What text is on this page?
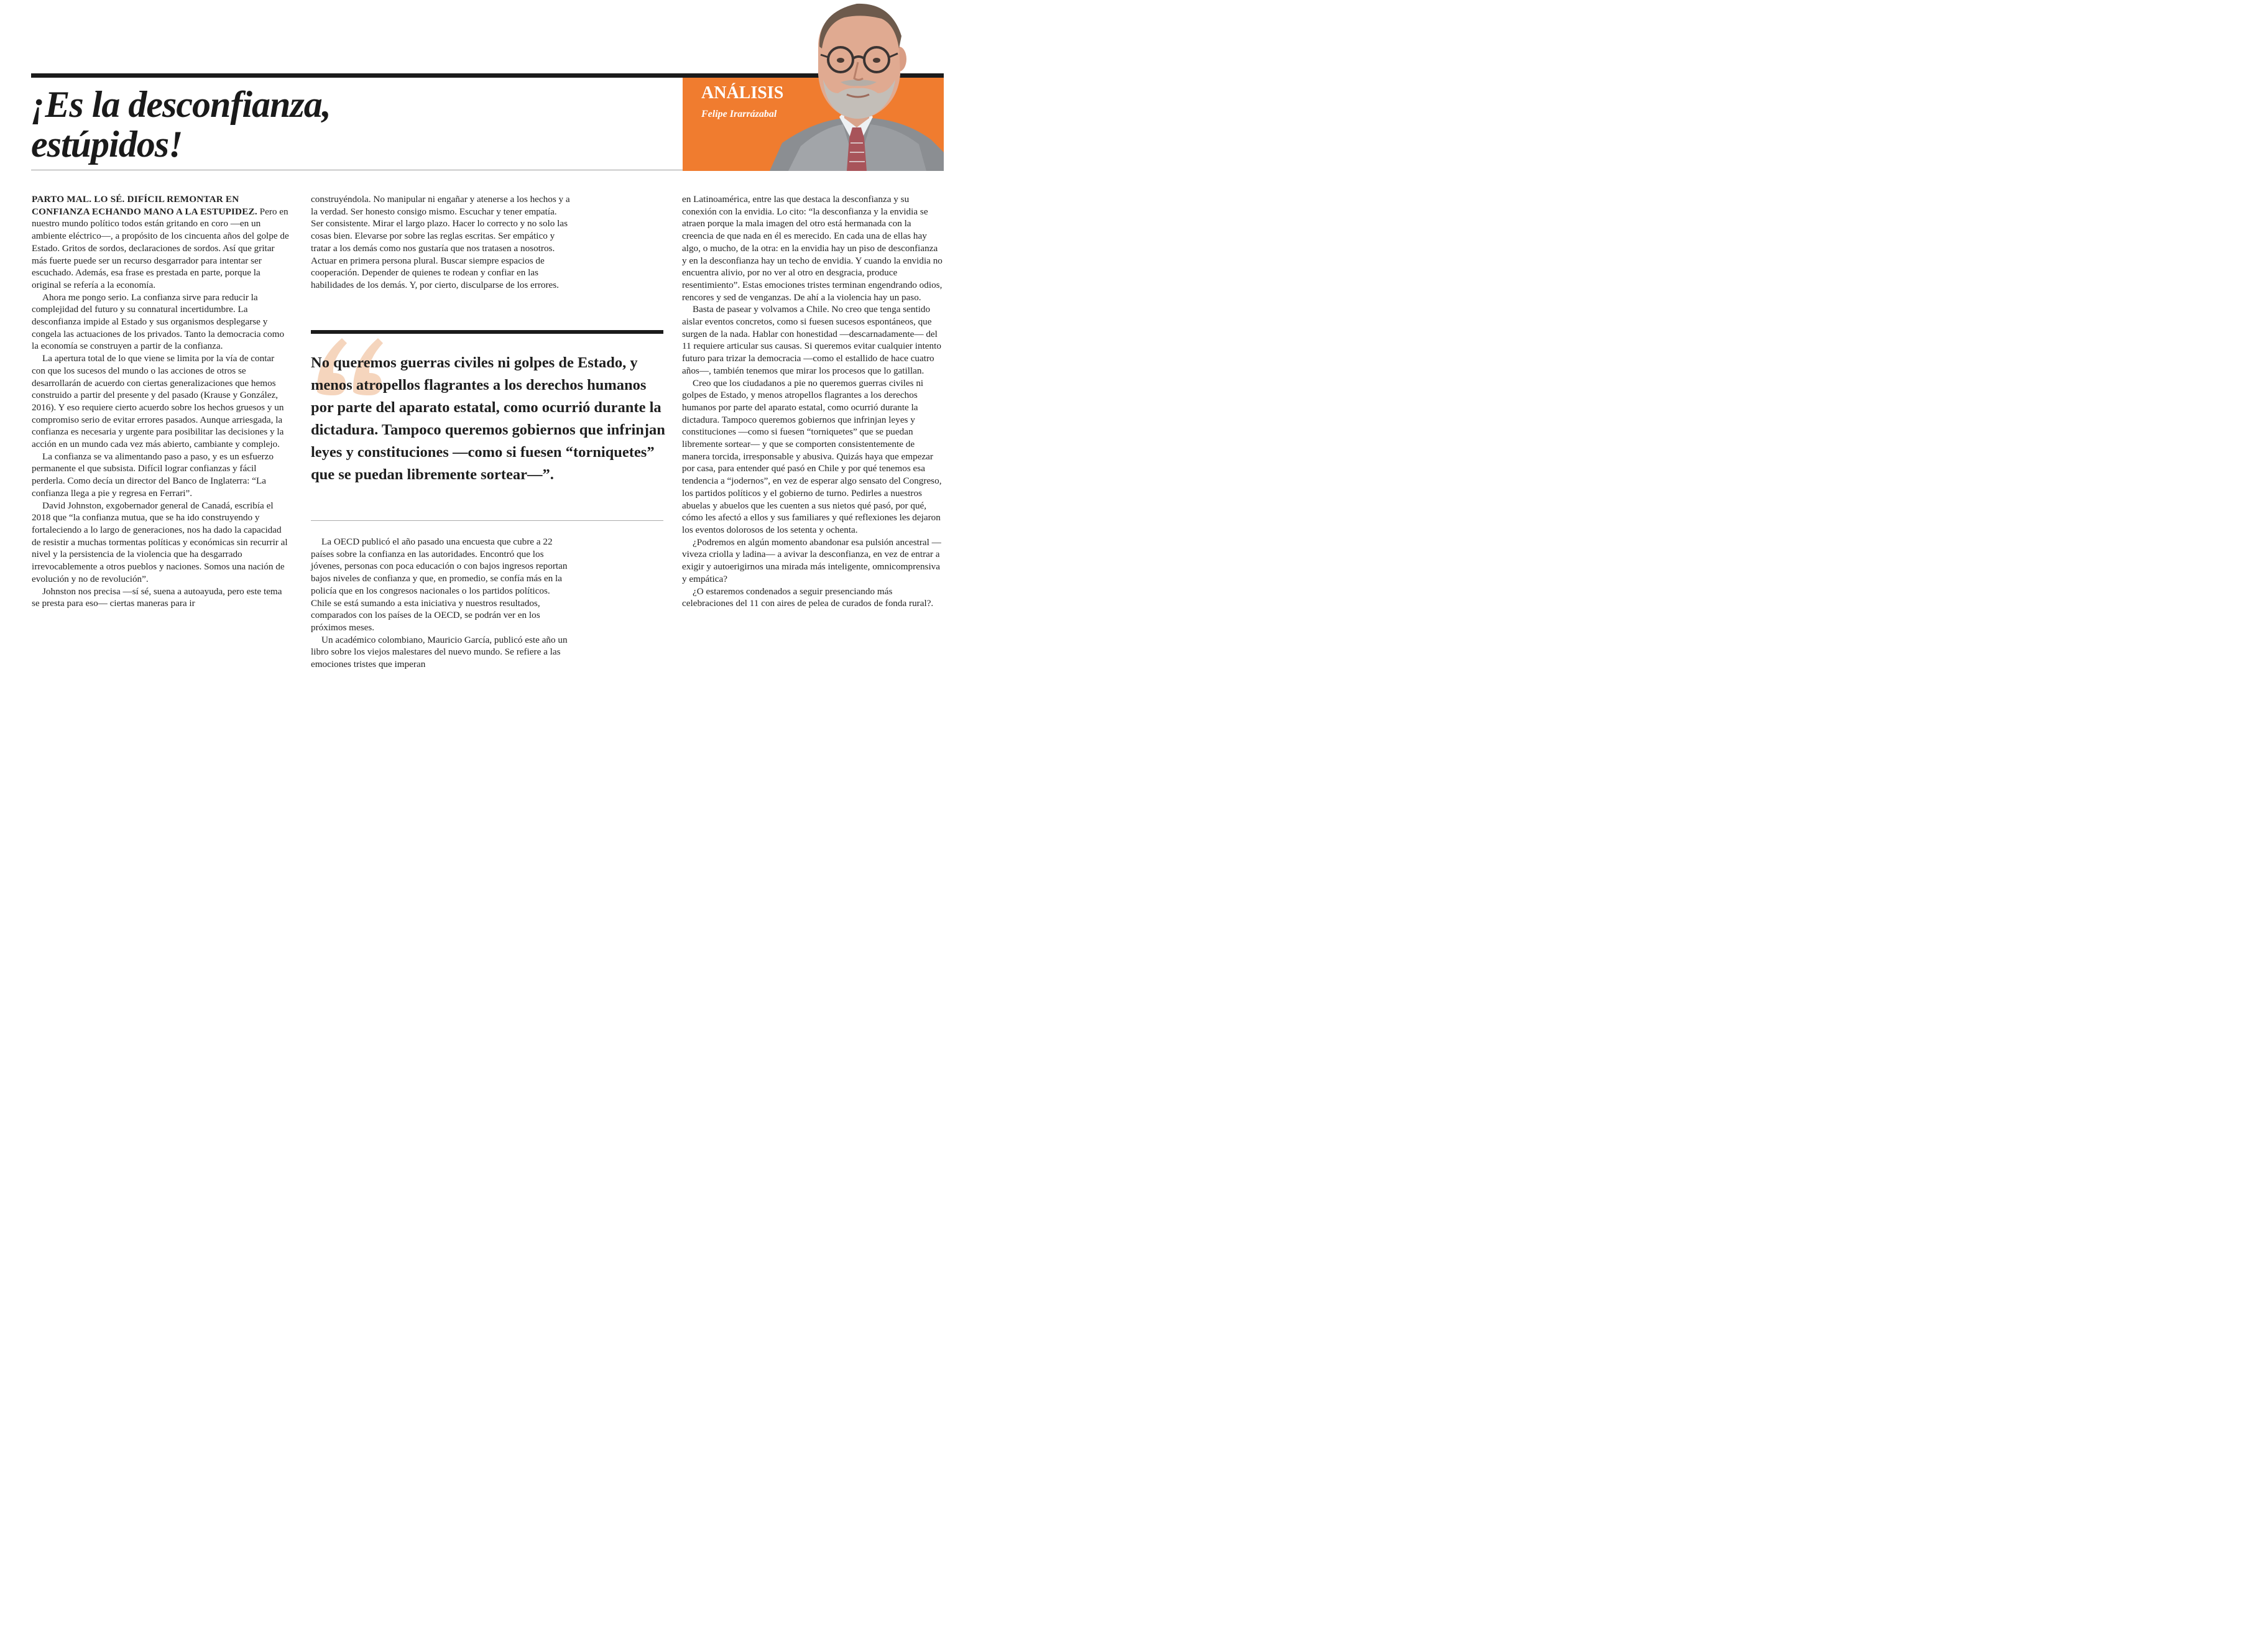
¡Es la desconfianza,
estúpidos!

ANÁLISIS

Felipe Irarrázabal

PARTO MAL. LO SÉ. DIFÍCIL REMONTAR EN CONFIANZA ECHANDO MANO A LA ESTUPIDEZ. Pero en nuestro mundo político todos están gritando en coro —en un ambiente eléctrico—, a propósito de los cincuenta años del golpe de Estado. Gritos de sordos, declaraciones de sordos. Así que gritar más fuerte puede ser un recurso desgarrador para intentar ser escuchado. Además, esa frase es prestada en parte, porque la original se refería a la economía.

Ahora me pongo serio. La confianza sirve para reducir la complejidad del futuro y su connatural incertidumbre. La desconfianza impide al Estado y sus organismos desplegarse y congela las actuaciones de los privados. Tanto la democracia como la economía se construyen a partir de la confianza.

La apertura total de lo que viene se limita por la vía de contar con que los sucesos del mundo o las acciones de otros se desarrollarán de acuerdo con ciertas generalizaciones que hemos construido a partir del presente y del pasado (Krause y González, 2016). Y eso requiere cierto acuerdo sobre los hechos gruesos y un compromiso serio de evitar errores pasados. Aunque arriesgada, la confianza es necesaria y urgente para posibilitar las decisiones y la acción en un mundo cada vez más abierto, cambiante y complejo.

La confianza se va alimentando paso a paso, y es un esfuerzo permanente el que subsista. Difícil lograr confianzas y fácil perderla. Como decía un director del Banco de Inglaterra: “La confianza llega a pie y regresa en Ferrari”.

David Johnston, exgobernador general de Canadá, escribía el 2018 que “la confianza mutua, que se ha ido construyendo y fortaleciendo a lo largo de generaciones, nos ha dado la capacidad de resistir a muchas tormentas políticas y económicas sin recurrir al nivel y la persistencia de la violencia que ha desgarrado irrevocablemente a otros pueblos y naciones. Somos una nación de evolución y no de revolución”.

Johnston nos precisa —sí sé, suena a autoayuda, pero este tema se presta para eso— ciertas maneras para ir

construyéndola. No manipular ni engañar y atenerse a los hechos y a la verdad. Ser honesto consigo mismo. Escuchar y tener empatía. Ser consistente. Mirar el largo plazo. Hacer lo correcto y no solo las cosas bien. Elevarse por sobre las reglas escritas. Ser empático y tratar a los demás como nos gustaría que nos tratasen a nosotros. Actuar en primera persona plural. Buscar siempre espacios de cooperación. Depender de quienes te rodean y confiar en las habilidades de los demás. Y, por cierto, disculparse de los errores.

No queremos guerras civiles ni golpes de Estado, y menos atropellos flagrantes a los derechos humanos por parte del aparato estatal, como ocurrió durante la dictadura. Tampoco queremos gobiernos que infrinjan leyes y constituciones —como si fuesen “torniquetes” que se puedan libremente sortear—”.

La OECD publicó el año pasado una encuesta que cubre a 22 países sobre la confianza en las autoridades. Encontró que los jóvenes, personas con poca educación o con bajos ingresos reportan bajos niveles de confianza y que, en promedio, se confía más en la policía que en los congresos nacionales o los partidos políticos. Chile se está sumando a esta iniciativa y nuestros resultados, comparados con los países de la OECD, se podrán ver en los próximos meses.

Un académico colombiano, Mauricio García, publicó este año un libro sobre los viejos malestares del nuevo mundo. Se refiere a las emociones tristes que imperan

en Latinoamérica, entre las que destaca la desconfianza y su conexión con la envidia. Lo cito: “la desconfianza y la envidia se atraen porque la mala imagen del otro está hermanada con la creencia de que nada en él es merecido. En cada una de ellas hay algo, o mucho, de la otra: en la envidia hay un piso de desconfianza y en la desconfianza hay un techo de envidia. Y cuando la envidia no encuentra alivio, por no ver al otro en desgracia, produce resentimiento”. Estas emociones tristes terminan engendrando odios, rencores y sed de venganzas. De ahí a la violencia hay un paso.

Basta de pasear y volvamos a Chile. No creo que tenga sentido aislar eventos concretos, como si fuesen sucesos espontáneos, que surgen de la nada. Hablar con honestidad —descarnadamente— del 11 requiere articular sus causas. Si queremos evitar cualquier intento futuro para trizar la democracia —como el estallido de hace cuatro años—, también tenemos que mirar los procesos que lo gatillan.

Creo que los ciudadanos a pie no queremos guerras civiles ni golpes de Estado, y menos atropellos flagrantes a los derechos humanos por parte del aparato estatal, como ocurrió durante la dictadura. Tampoco queremos gobiernos que infrinjan leyes y constituciones —como si fuesen “torniquetes” que se puedan libremente sortear— y que se comporten consistentemente de manera torcida, irresponsable y abusiva. Quizás haya que empezar por casa, para entender qué pasó en Chile y por qué tenemos esa tendencia a “jodernos”, en vez de esperar algo sensato del Congreso, los partidos políticos y el gobierno de turno. Pedirles a nuestros abuelas y abuelos que les cuenten a sus nietos qué pasó, por qué, cómo les afectó a ellos y sus familiares y qué reflexiones les dejaron los eventos dolorosos de los setenta y ochenta.

¿Podremos en algún momento abandonar esa pulsión ancestral —viveza criolla y ladina— a avivar la desconfianza, en vez de entrar a exigir y autoerigirnos una mirada más inteligente, omnicomprensiva y empática?

¿O estaremos condenados a seguir presenciando más celebraciones del 11 con aires de pelea de curados de fonda rural?.
